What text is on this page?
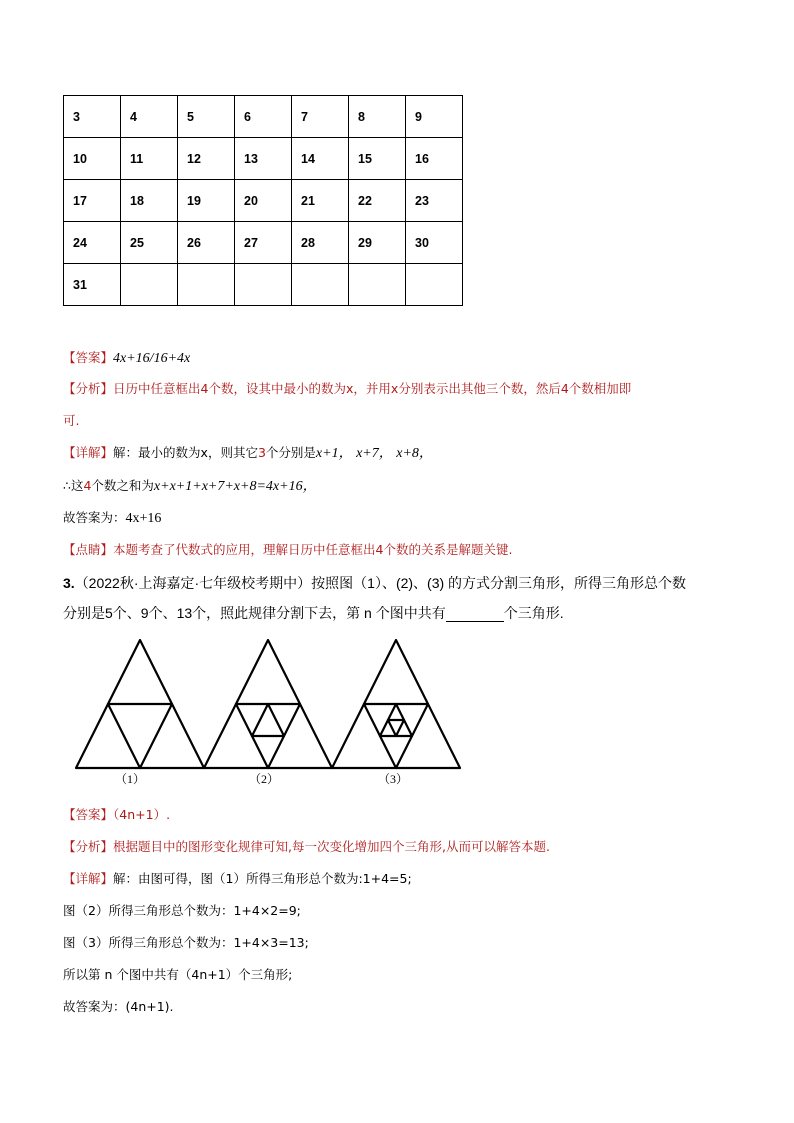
3	4	5	6	7	8	9
10	11	12	13	14	15	16
17	18	19	20	21	22	23
24	25	26	27	28	29	30
31						
【答案】4x+16/16+4x
【分析】日历中任意框出4个数，设其中最小的数为x，并用x分别表示出其他三个数，然后4个数相加即
可.
【详解】解：最小的数为x，则其它3个分别是x+1， x+7， x+8，
∴这4个数之和为x+x+1+x+7+x+8=4x+16，
故答案为：4x+16
【点睛】本题考查了代数式的应用，理解日历中任意框出4个数的关系是解题关键.
3.（2022秋·上海嘉定·七年级校考期中）按照图（1）、(2)、(3) 的方式分割三角形，所得三角形总个数
分别是5个、9个、13个，照此规律分割下去，第 n 个图中共有	个三角形.
（1）	（2）	（3）
【答案】（4n+1）.
【分析】根据题目中的图形变化规律可知,每一次变化增加四个三角形,从而可以解答本题.
【详解】解：由图可得，图（1）所得三角形总个数为:1+4=5;
图（2）所得三角形总个数为：1+4×2=9;
图（3）所得三角形总个数为：1+4×3=13;
所以第 n 个图中共有（4n+1）个三角形;
故答案为：(4n+1).
